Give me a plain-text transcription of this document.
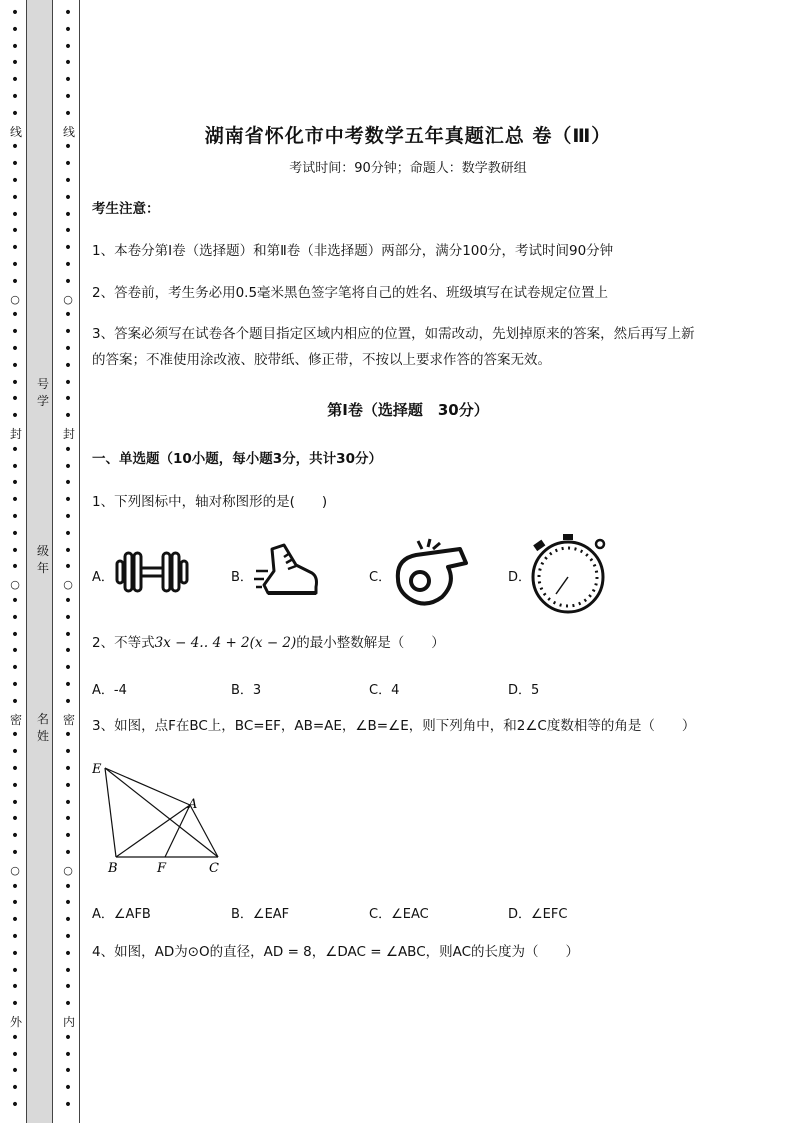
•
•
•
•
•
•
•
线
•
•
•
•
•
•
•
•
•
○
•
•
•
•
•
•
•
封
•
•
•
•
•
•
•
•
○
•
•
•
•
•
•
•
密
•
•
•
•
•
•
•
•
○
•
•
•
•
•
•
•
•
外
•
•
•
•
•
号学
级年
名姓
•
•
•
•
•
•
•
线
•
•
•
•
•
•
•
•
•
○
•
•
•
•
•
•
•
封
•
•
•
•
•
•
•
•
○
•
•
•
•
•
•
•
密
•
•
•
•
•
•
•
•
○
•
•
•
•
•
•
•
•
内
•
•
•
•
•
湖南省怀化市中考数学五年真题汇总 卷（Ⅲ）
考试时间：90分钟；命题人：数学教研组
考生注意：
1、本卷分第I卷（选择题）和第Ⅱ卷（非选择题）两部分，满分100分，考试时间90分钟
2、答卷前，考生务必用0.5毫米黑色签字笔将自己的姓名、班级填写在试卷规定位置上
3、答案必须写在试卷各个题目指定区域内相应的位置，如需改动，先划掉原来的答案，然后再写上新
的答案；不准使用涂改液、胶带纸、修正带，不按以上要求作答的答案无效。
第I卷（选择题　30分）
一、单选题（10小题，每小题3分，共计30分）
1、下列图标中，轴对称图形的是(　　)
A．	B．	C．	D．
2、不等式3x − 4‥ 4 + 2(x − 2)的最小整数解是（　　）
A．-4	B．3	C．4	D．5
3、如图，点F在BC上，BC=EF，AB=AE，∠B=∠E，则下列角中，和2∠C度数相等的角是（　　）
E
A
B	F	C
A．∠AFB	B．∠EAF	C．∠EAC	D．∠EFC
4、如图，AD为⊙O的直径，AD = 8，∠DAC = ∠ABC，则AC的长度为（　　）
